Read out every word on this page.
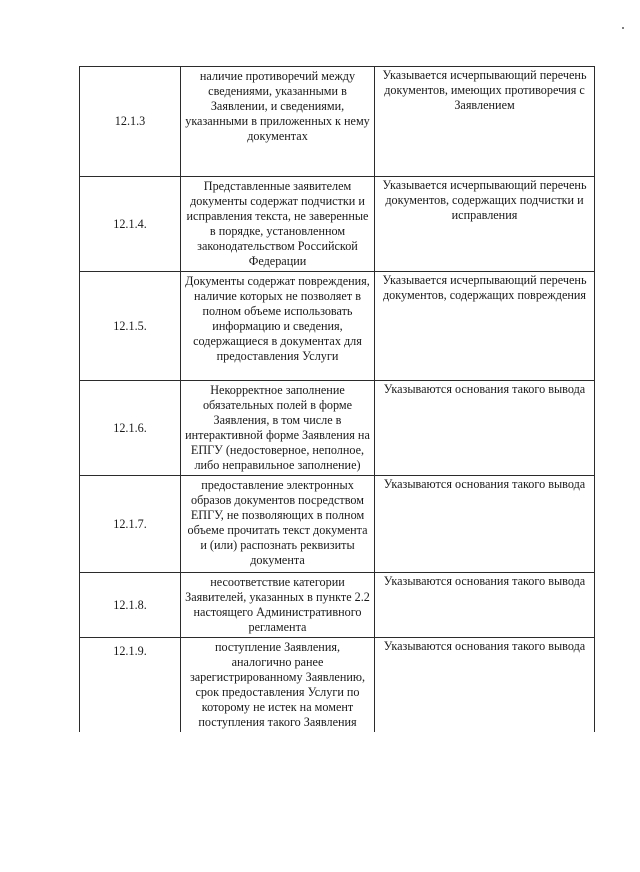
12.1.3	наличие противоречий между сведениями, указанными в Заявлении, и сведениями, указанными в приложенных к нему документах	Указывается исчерпывающий перечень документов, имеющих противоречия с Заявлением
12.1.4.	Представленные заявителем документы содержат подчистки и исправления текста, не заверенные в порядке, установленном законодательством Российской Федерации	Указывается исчерпывающий перечень документов, содержащих подчистки и исправления
12.1.5.	Документы содержат повреждения, наличие которых не позволяет в полном объеме использовать информацию и сведения, содержащиеся в документах для предоставления Услуги	Указывается исчерпывающий перечень документов, содержащих повреждения
12.1.6.	Некорректное заполнение обязательных полей в форме Заявления, в том числе в интерактивной форме Заявления на ЕПГУ (недостоверное, неполное, либо неправильное заполнение)	Указываются основания такого вывода
12.1.7.	предоставление электронных образов документов посредством ЕПГУ, не позволяющих в полном объеме прочитать текст документа и (или) распознать реквизиты документа	Указываются основания такого вывода
12.1.8.	несоответствие категории Заявителей, указанных в пункте 2.2 настоящего Административного регламента	Указываются основания такого вывода
12.1.9.	поступление Заявления, аналогично ранее зарегистрированному Заявлению, срок предоставления Услуги по которому не истек на момент поступления такого Заявления	Указываются основания такого вывода
